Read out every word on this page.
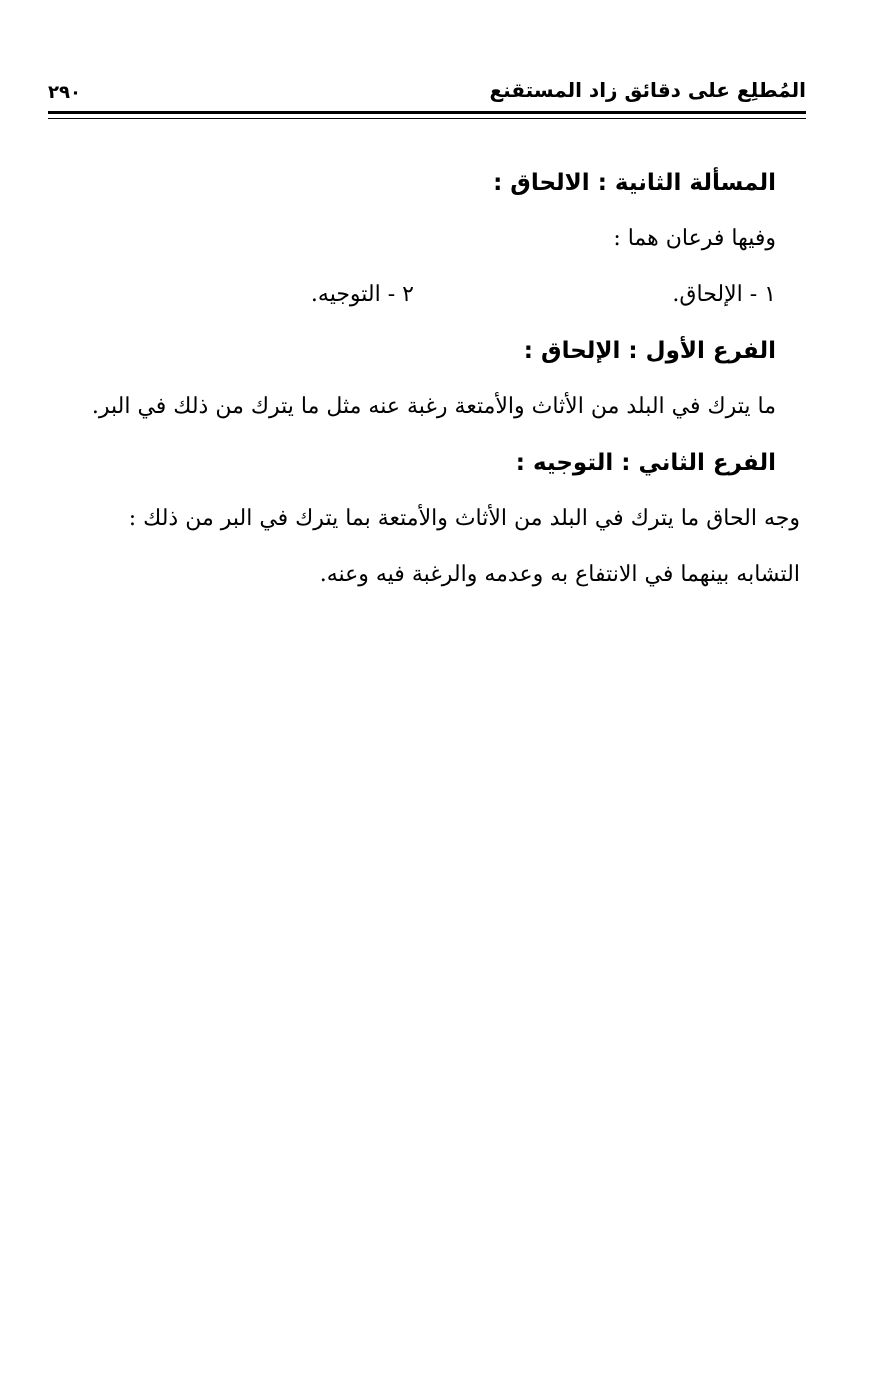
المُطلِع على دقائق زاد المستقنع
٢٩٠
المسألة الثانية : الالحاق :
وفيها فرعان هما :
١ - الإلحاق.
٢ - التوجيه.
الفرع الأول : الإلحاق :
ما يترك في البلد من الأثاث والأمتعة رغبة عنه مثل ما يترك من ذلك في البر.
الفرع الثاني : التوجيه :
وجه الحاق ما يترك في البلد من الأثاث والأمتعة بما يترك في البر من ذلك :
التشابه بينهما في الانتفاع به وعدمه والرغبة فيه وعنه.
